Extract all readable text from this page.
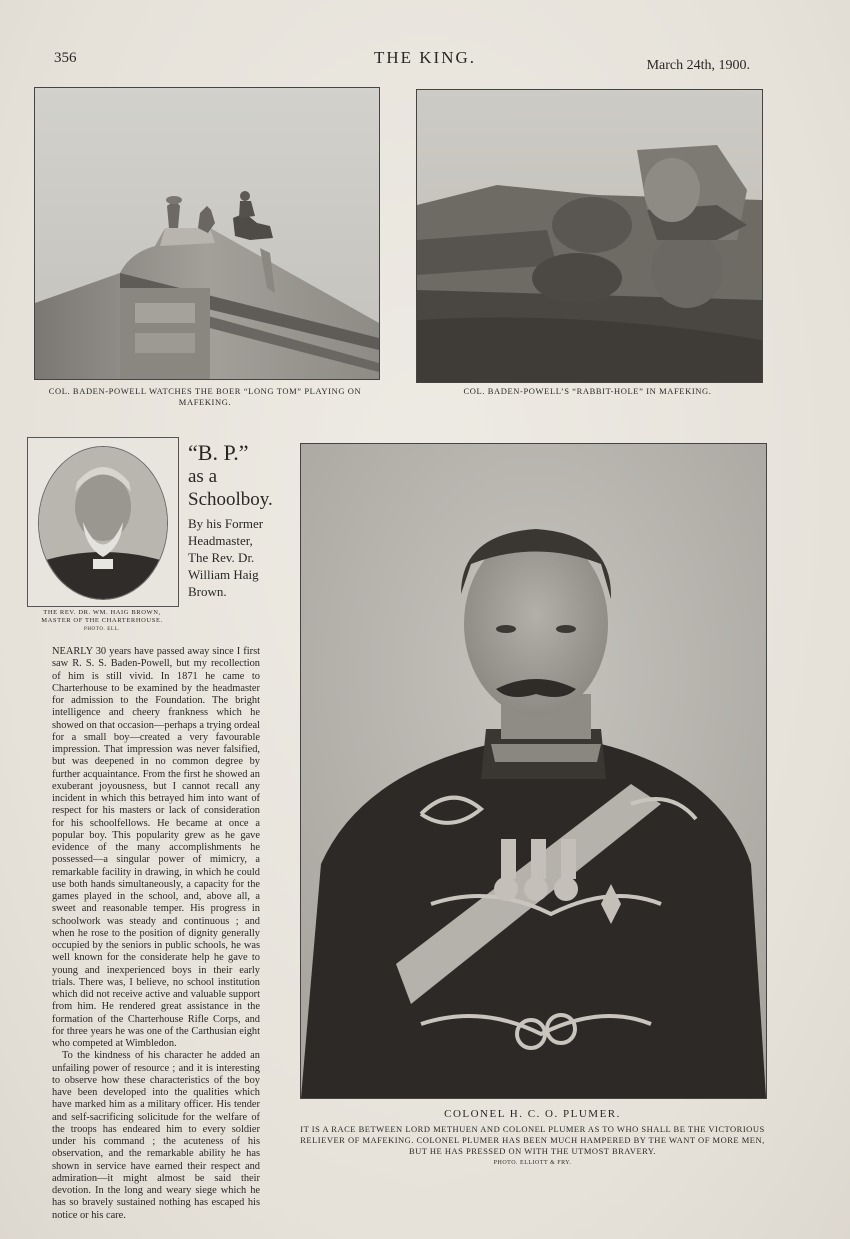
356	THE KING.	March 24th, 1900.
COL. BADEN-POWELL WATCHES THE BOER “LONG TOM” PLAYING ON MAFEKING.
COL. BADEN-POWELL’S “RABBIT-HOLE” IN MAFEKING.
THE REV. DR. WM. HAIG BROWN,
MASTER OF THE CHARTERHOUSE.
PHOTO. ELL.
“B. P.”
as a
Schoolboy.
By his Former
Headmaster,
The Rev. Dr.
William Haig
Brown.

NEARLY 30 years have passed away since I first saw R. S. S. Baden-Powell, but my recollection of him is still vivid. In 1871 he came to Charterhouse to be examined by the headmaster for admission to the Foundation. The bright intelligence and cheery frankness which he showed on that occasion—perhaps a trying ordeal for a small boy—created a very favourable impression. That impression was never falsified, but was deepened in no common degree by further acquaintance. From the first he showed an exuberant joyousness, but I cannot recall any incident in which this betrayed him into want of respect for his masters or lack of consideration for his schoolfellows. He became at once a popular boy. This popularity grew as he gave evidence of the many accomplishments he possessed—a singular power of mimicry, a remarkable facility in drawing, in which he could use both hands simultaneously, a capacity for the games played in the school, and, above all, a sweet and reasonable temper. His progress in schoolwork was steady and continuous ; and when he rose to the position of dignity generally occupied by the seniors in public schools, he was well known for the considerate help he gave to young and inexperienced boys in their early trials. There was, I believe, no school institution which did not receive active and valuable support from him. He rendered great assistance in the formation of the Charterhouse Rifle Corps, and for three years he was one of the Carthusian eight who competed at Wimbledon.

To the kindness of his character he added an unfailing power of resource ; and it is interesting to observe how these characteristics of the boy have been developed into the qualities which have marked him as a military officer. His tender and self-sacrificing solicitude for the welfare of the troops has endeared him to every soldier under his command ; the acuteness of his observation, and the remarkable ability he has shown in service have earned their respect and admiration—it might almost be said their devotion. In the long and weary siege which he has so bravely sustained nothing has escaped his notice or his care.

COLONEL H. C. O. PLUMER.
IT IS A RACE BETWEEN LORD METHUEN AND COLONEL PLUMER AS TO WHO SHALL BE THE VICTORIOUS RELIEVER OF MAFEKING. COLONEL PLUMER HAS BEEN MUCH HAMPERED BY THE WANT OF MORE MEN, BUT HE HAS PRESSED ON WITH THE UTMOST BRAVERY.
PHOTO. ELLIOTT & FRY.
